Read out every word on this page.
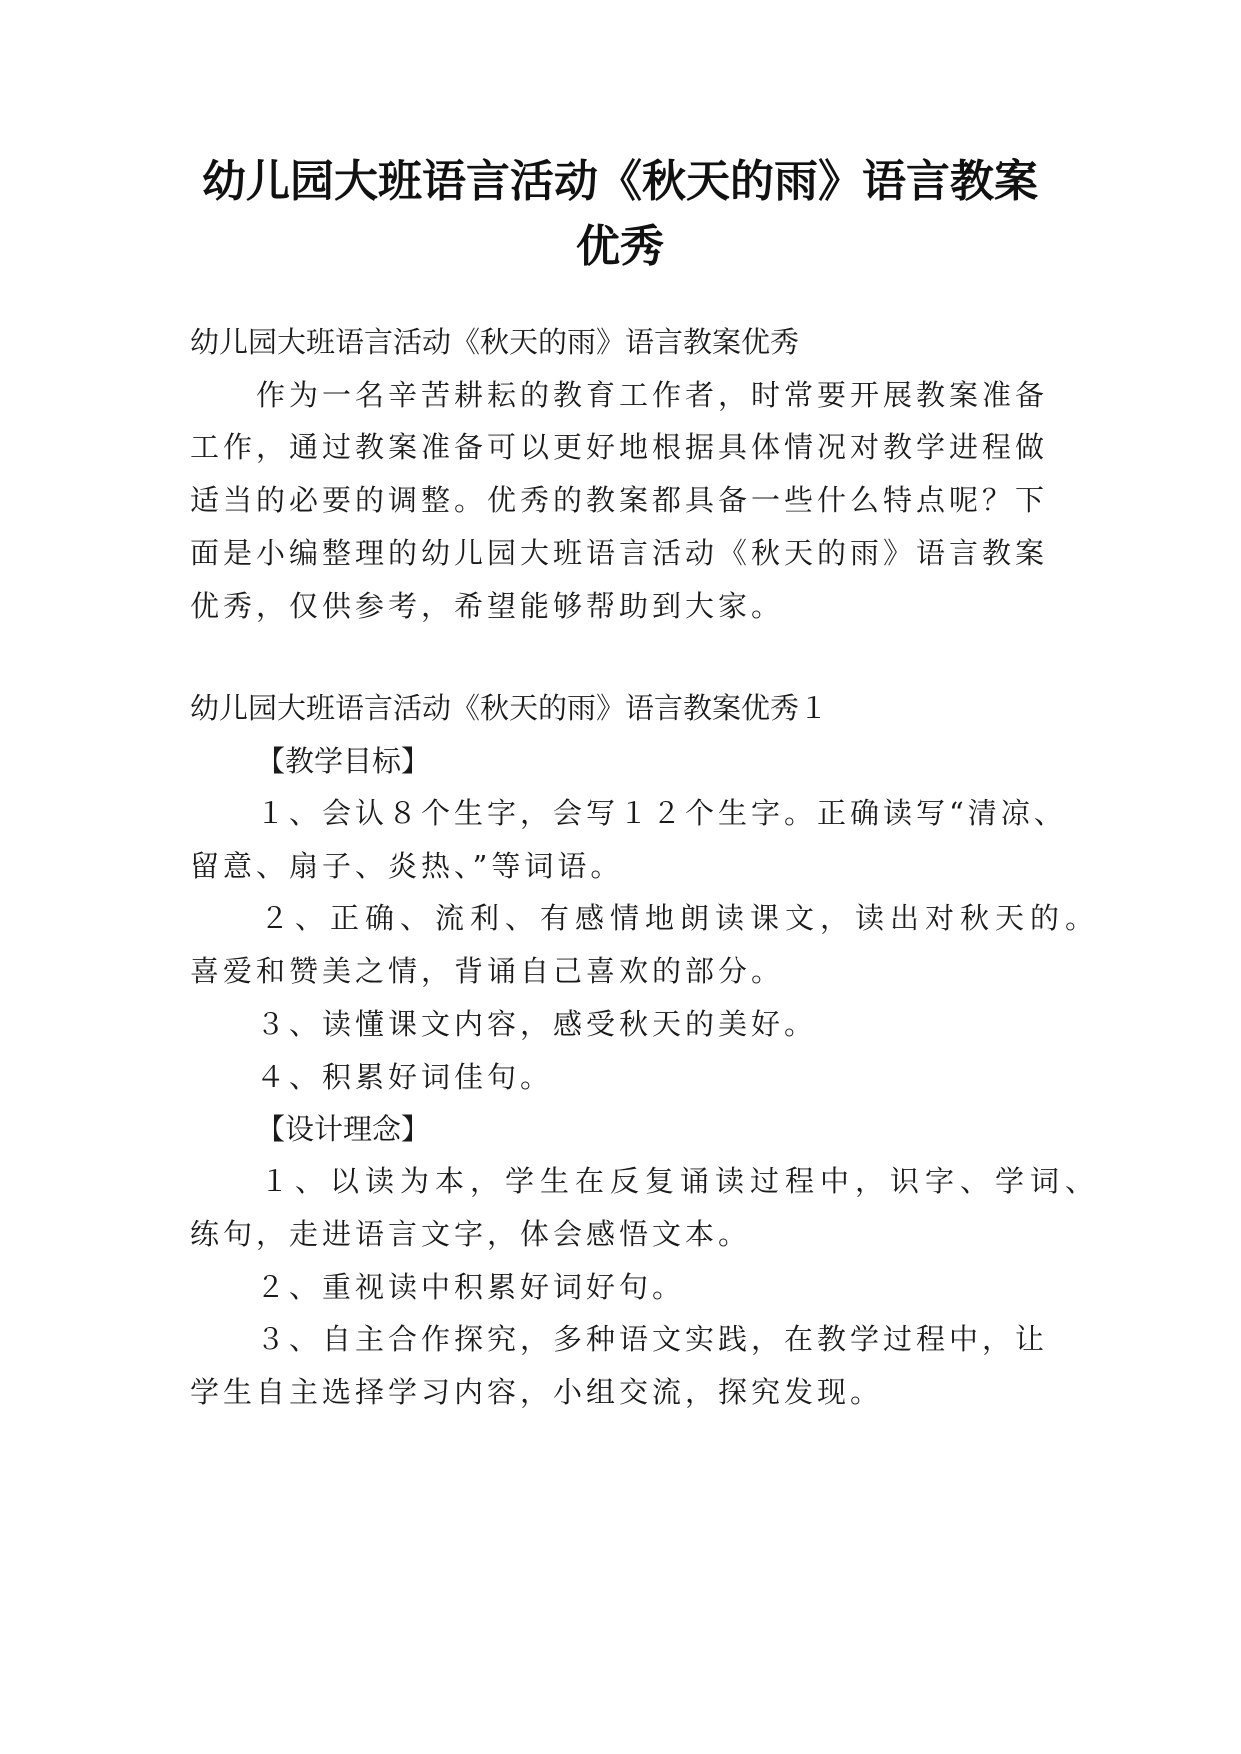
幼儿园大班语言活动《秋天的雨》语言教案
优秀
幼儿园大班语言活动《秋天的雨》语言教案优秀
作为一名辛苦耕耘的教育工作者，时常要开展教案准备
工作，通过教案准备可以更好地根据具体情况对教学进程做
适当的必要的调整。优秀的教案都具备一些什么特点呢？下
面是小编整理的幼儿园大班语言活动《秋天的雨》语言教案
优秀，仅供参考，希望能够帮助到大家。
幼儿园大班语言活动《秋天的雨》语言教案优秀１
【教学目标】
１、会认８个生字，会写１２个生字。正确读写“清凉、
留意、扇子、炎热、”等词语。
２、正确、流利、有感情地朗读课文，读出对秋天的。
喜爱和赞美之情，背诵自己喜欢的部分。
３、读懂课文内容，感受秋天的美好。
４、积累好词佳句。
【设计理念】
１、以读为本，学生在反复诵读过程中，识字、学词、
练句，走进语言文字，体会感悟文本。
２、重视读中积累好词好句。
３、自主合作探究，多种语文实践，在教学过程中，让
学生自主选择学习内容，小组交流，探究发现。
